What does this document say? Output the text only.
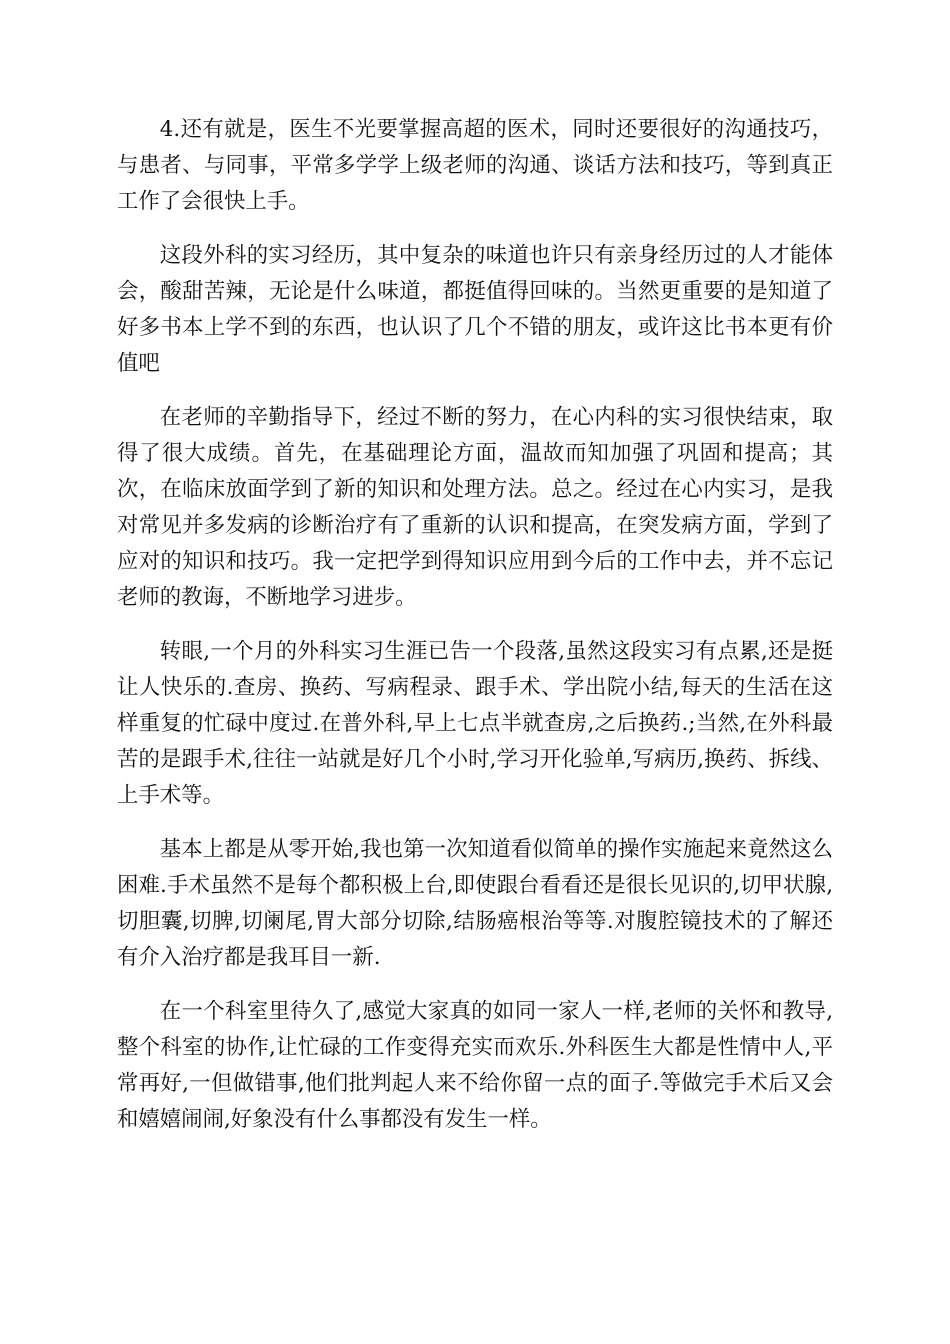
4.还有就是，医生不光要掌握高超的医术，同时还要很好的沟通技巧，与患者、与同事，平常多学学上级老师的沟通、谈话方法和技巧，等到真正工作了会很快上手。

这段外科的实习经历，其中复杂的味道也许只有亲身经历过的人才能体会，酸甜苦辣，无论是什么味道，都挺值得回味的。当然更重要的是知道了好多书本上学不到的东西，也认识了几个不错的朋友，或许这比书本更有价值吧

在老师的辛勤指导下，经过不断的努力，在心内科的实习很快结束，取得了很大成绩。首先，在基础理论方面，温故而知加强了巩固和提高；其次，在临床放面学到了新的知识和处理方法。总之。经过在心内实习，是我对常见并多发病的诊断治疗有了重新的认识和提高，在突发病方面，学到了应对的知识和技巧。我一定把学到得知识应用到今后的工作中去，并不忘记老师的教诲，不断地学习进步。

转眼,一个月的外科实习生涯已告一个段落,虽然这段实习有点累,还是挺让人快乐的.查房、换药、写病程录、跟手术、学出院小结,每天的生活在这样重复的忙碌中度过.在普外科,早上七点半就查房,之后换药.;当然,在外科最苦的是跟手术,往往一站就是好几个小时,学习开化验单,写病历,换药、拆线、上手术等。

基本上都是从零开始,我也第一次知道看似简单的操作实施起来竟然这么困难.手术虽然不是每个都积极上台,即使跟台看看还是很长见识的,切甲状腺,切胆囊,切脾,切阑尾,胃大部分切除,结肠癌根治等等.对腹腔镜技术的了解还有介入治疗都是我耳目一新.

在一个科室里待久了,感觉大家真的如同一家人一样,老师的关怀和教导,整个科室的协作,让忙碌的工作变得充实而欢乐.外科医生大都是性情中人,平常再好,一但做错事,他们批判起人来不给你留一点的面子.等做完手术后又会和嬉嬉闹闹,好象没有什么事都没有发生一样。
